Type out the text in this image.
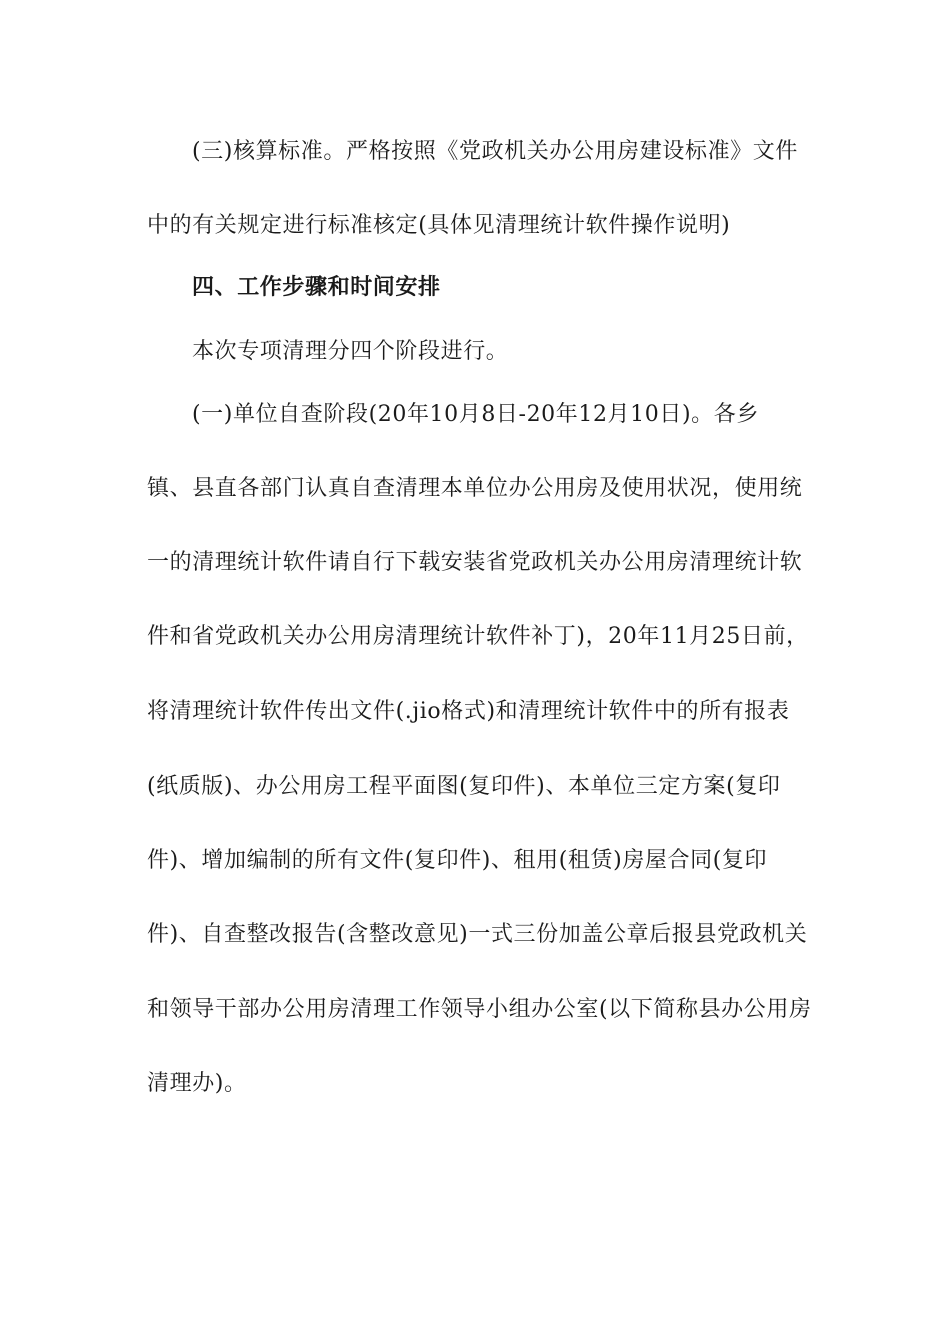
(三)核算标准。严格按照《党政机关办公用房建设标准》文件
中的有关规定进行标准核定(具体见清理统计软件操作说明)
四、工作步骤和时间安排
本次专项清理分四个阶段进行。
(一)单位自查阶段(20年10月8日-20年12月10日)。各乡
镇、县直各部门认真自查清理本单位办公用房及使用状况，使用统
一的清理统计软件请自行下载安装省党政机关办公用房清理统计软
件和省党政机关办公用房清理统计软件补丁)，20年11月25日前，
将清理统计软件传出文件(.jio格式)和清理统计软件中的所有报表
(纸质版)、办公用房工程平面图(复印件)、本单位三定方案(复印
件)、增加编制的所有文件(复印件)、租用(租赁)房屋合同(复印
件)、自查整改报告(含整改意见)一式三份加盖公章后报县党政机关
和领导干部办公用房清理工作领导小组办公室(以下简称县办公用房
清理办)。
